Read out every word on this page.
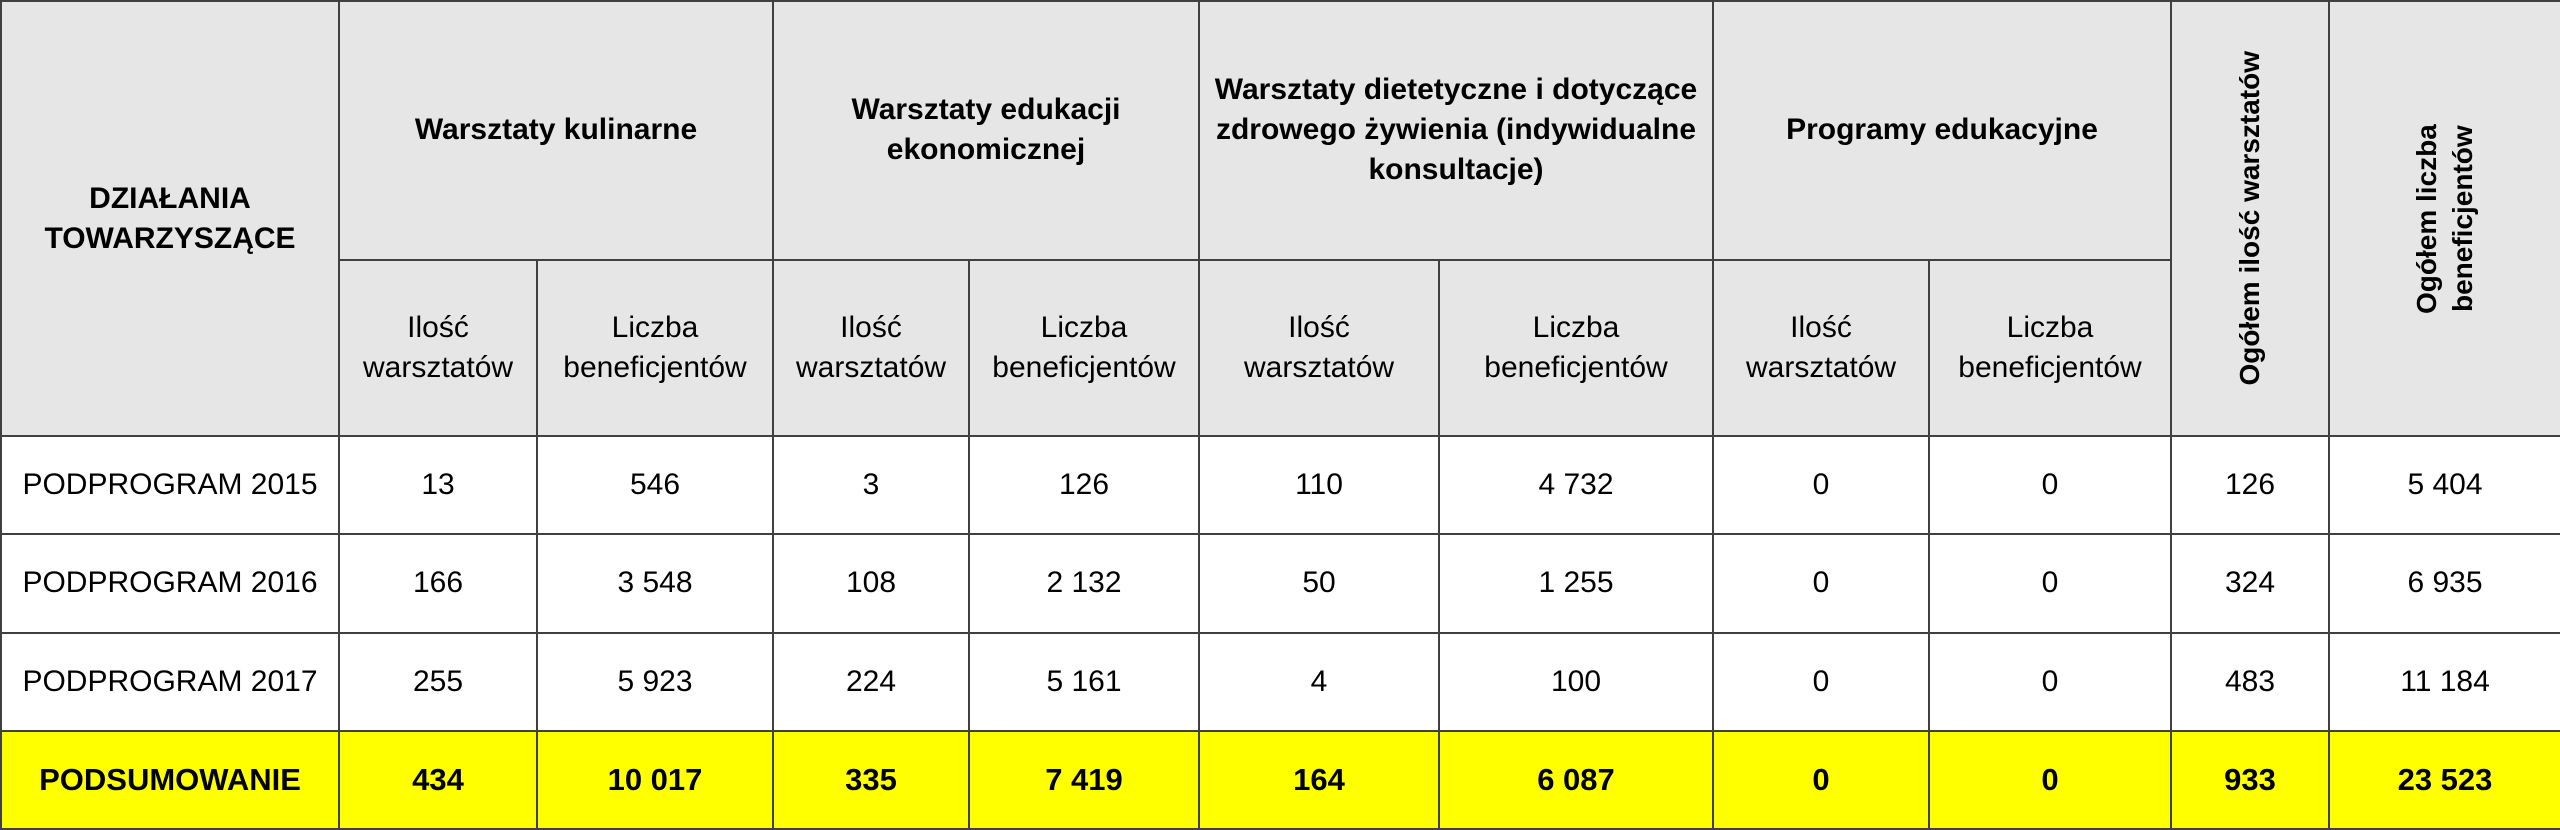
DZIAŁANIA TOWARZYSZĄCE	Warsztaty kulinarne		Warsztaty edukacji ekonomicznej		Warsztaty dietetyczne i dotyczące zdrowego żywienia (indywidualne konsultacje)		Programy edukacyjne		Ogółem ilość warsztatów	Ogółem liczba beneficjentów

	Ilość warsztatów	Liczba beneficjentów	Ilość warsztatów	Liczba beneficjentów	Ilość warsztatów	Liczba beneficjentów	Ilość warsztatów	Liczba beneficjentów		
PODPROGRAM 2015	13	546	3	126	110	4 732	0	0	126	5 404
PODPROGRAM 2016	166	3 548	108	2 132	50	1 255	0	0	324	6 935
PODPROGRAM 2017	255	5 923	224	5 161	4	100	0	0	483	11 184
PODSUMOWANIE	434	10 017	335	7 419	164	6 087	0	0	933	23 523
